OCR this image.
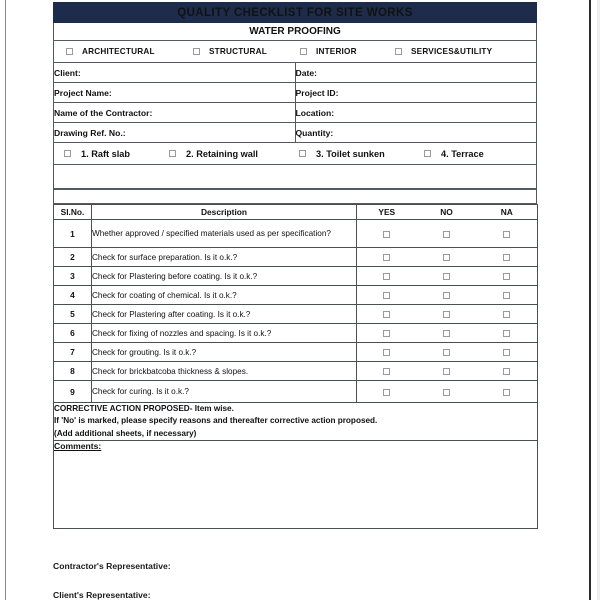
QUALITY CHECKLIST FOR SITE WORKS	
WATER PROOFING	

ARCHITECTURAL STRUCTURAL INTERIOR SERVICES&UTILITY	

Client:	Date:
Project Name:	Project ID:
Name of the Contractor:	Location:
Drawing Ref. No.:	Quantity:

1. Raft slab 2. Retaining wall 3. Toilet sunken 4. Terrace	

Sl.No.	Description	YES	NO	NA
1	Whether approved / specified materials used as per specification?			
2	Check for surface preparation. Is it o.k.?			
3	Check for Plastering before coating. Is it o.k.?			
4	Check for coating of chemical. Is it o.k.?			
5	Check for Plastering after coating. Is it o.k.?			
6	Check for fixing of nozzles and spacing. Is it o.k.?			
7	Check for grouting. Is it o.k.?			
8	Check for brickbatcoba thickness & slopes.			
9	Check for curing. Is it o.k.?			

CORRECTIVE ACTION PROPOSED- Item wise.
If 'No' is marked, please specify reasons and thereafter corrective action proposed.
(Add additional sheets, if necessary)				

Comments:				
Contractor's Representative:
Client's Representative:
